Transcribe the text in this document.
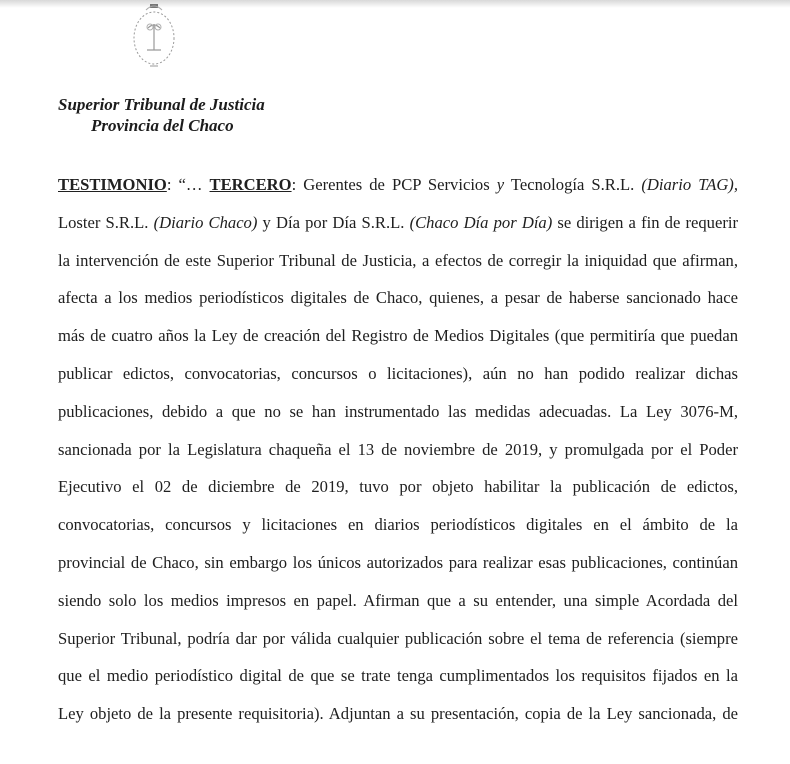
Superior Tribunal de Justicia
Provincia del Chaco
TESTIMONIO: “… TERCERO: Gerentes de PCP Servicios y Tecnología S.R.L. (Diario TAG),
Loster S.R.L. (Diario Chaco) y Día por Día S.R.L. (Chaco Día por Día) se dirigen a fin de requerir
la intervención de este Superior Tribunal de Justicia, a efectos de corregir la iniquidad que afirman,
afecta a los medios periodísticos digitales de Chaco, quienes, a pesar de haberse sancionado hace
más de cuatro años la Ley de creación del Registro de Medios Digitales (que permitiría que puedan
publicar edictos, convocatorias, concursos o licitaciones), aún no han podido realizar dichas
publicaciones, debido a que no se han instrumentado las medidas adecuadas. La Ley 3076-M,
sancionada por la Legislatura chaqueña el 13 de noviembre de 2019, y promulgada por el Poder
Ejecutivo el 02 de diciembre de 2019, tuvo por objeto habilitar la publicación de edictos,
convocatorias, concursos y licitaciones en diarios periodísticos digitales en el ámbito de la
provincial de Chaco, sin embargo los únicos autorizados para realizar esas publicaciones, continúan
siendo solo los medios impresos en papel. Afirman que a su entender, una simple Acordada del
Superior Tribunal, podría dar por válida cualquier publicación sobre el tema de referencia (siempre
que el medio periodístico digital de que se trate tenga cumplimentados los requisitos fijados en la
Ley objeto de la presente requisitoria). Adjuntan a su presentación, copia de la Ley sancionada, de
